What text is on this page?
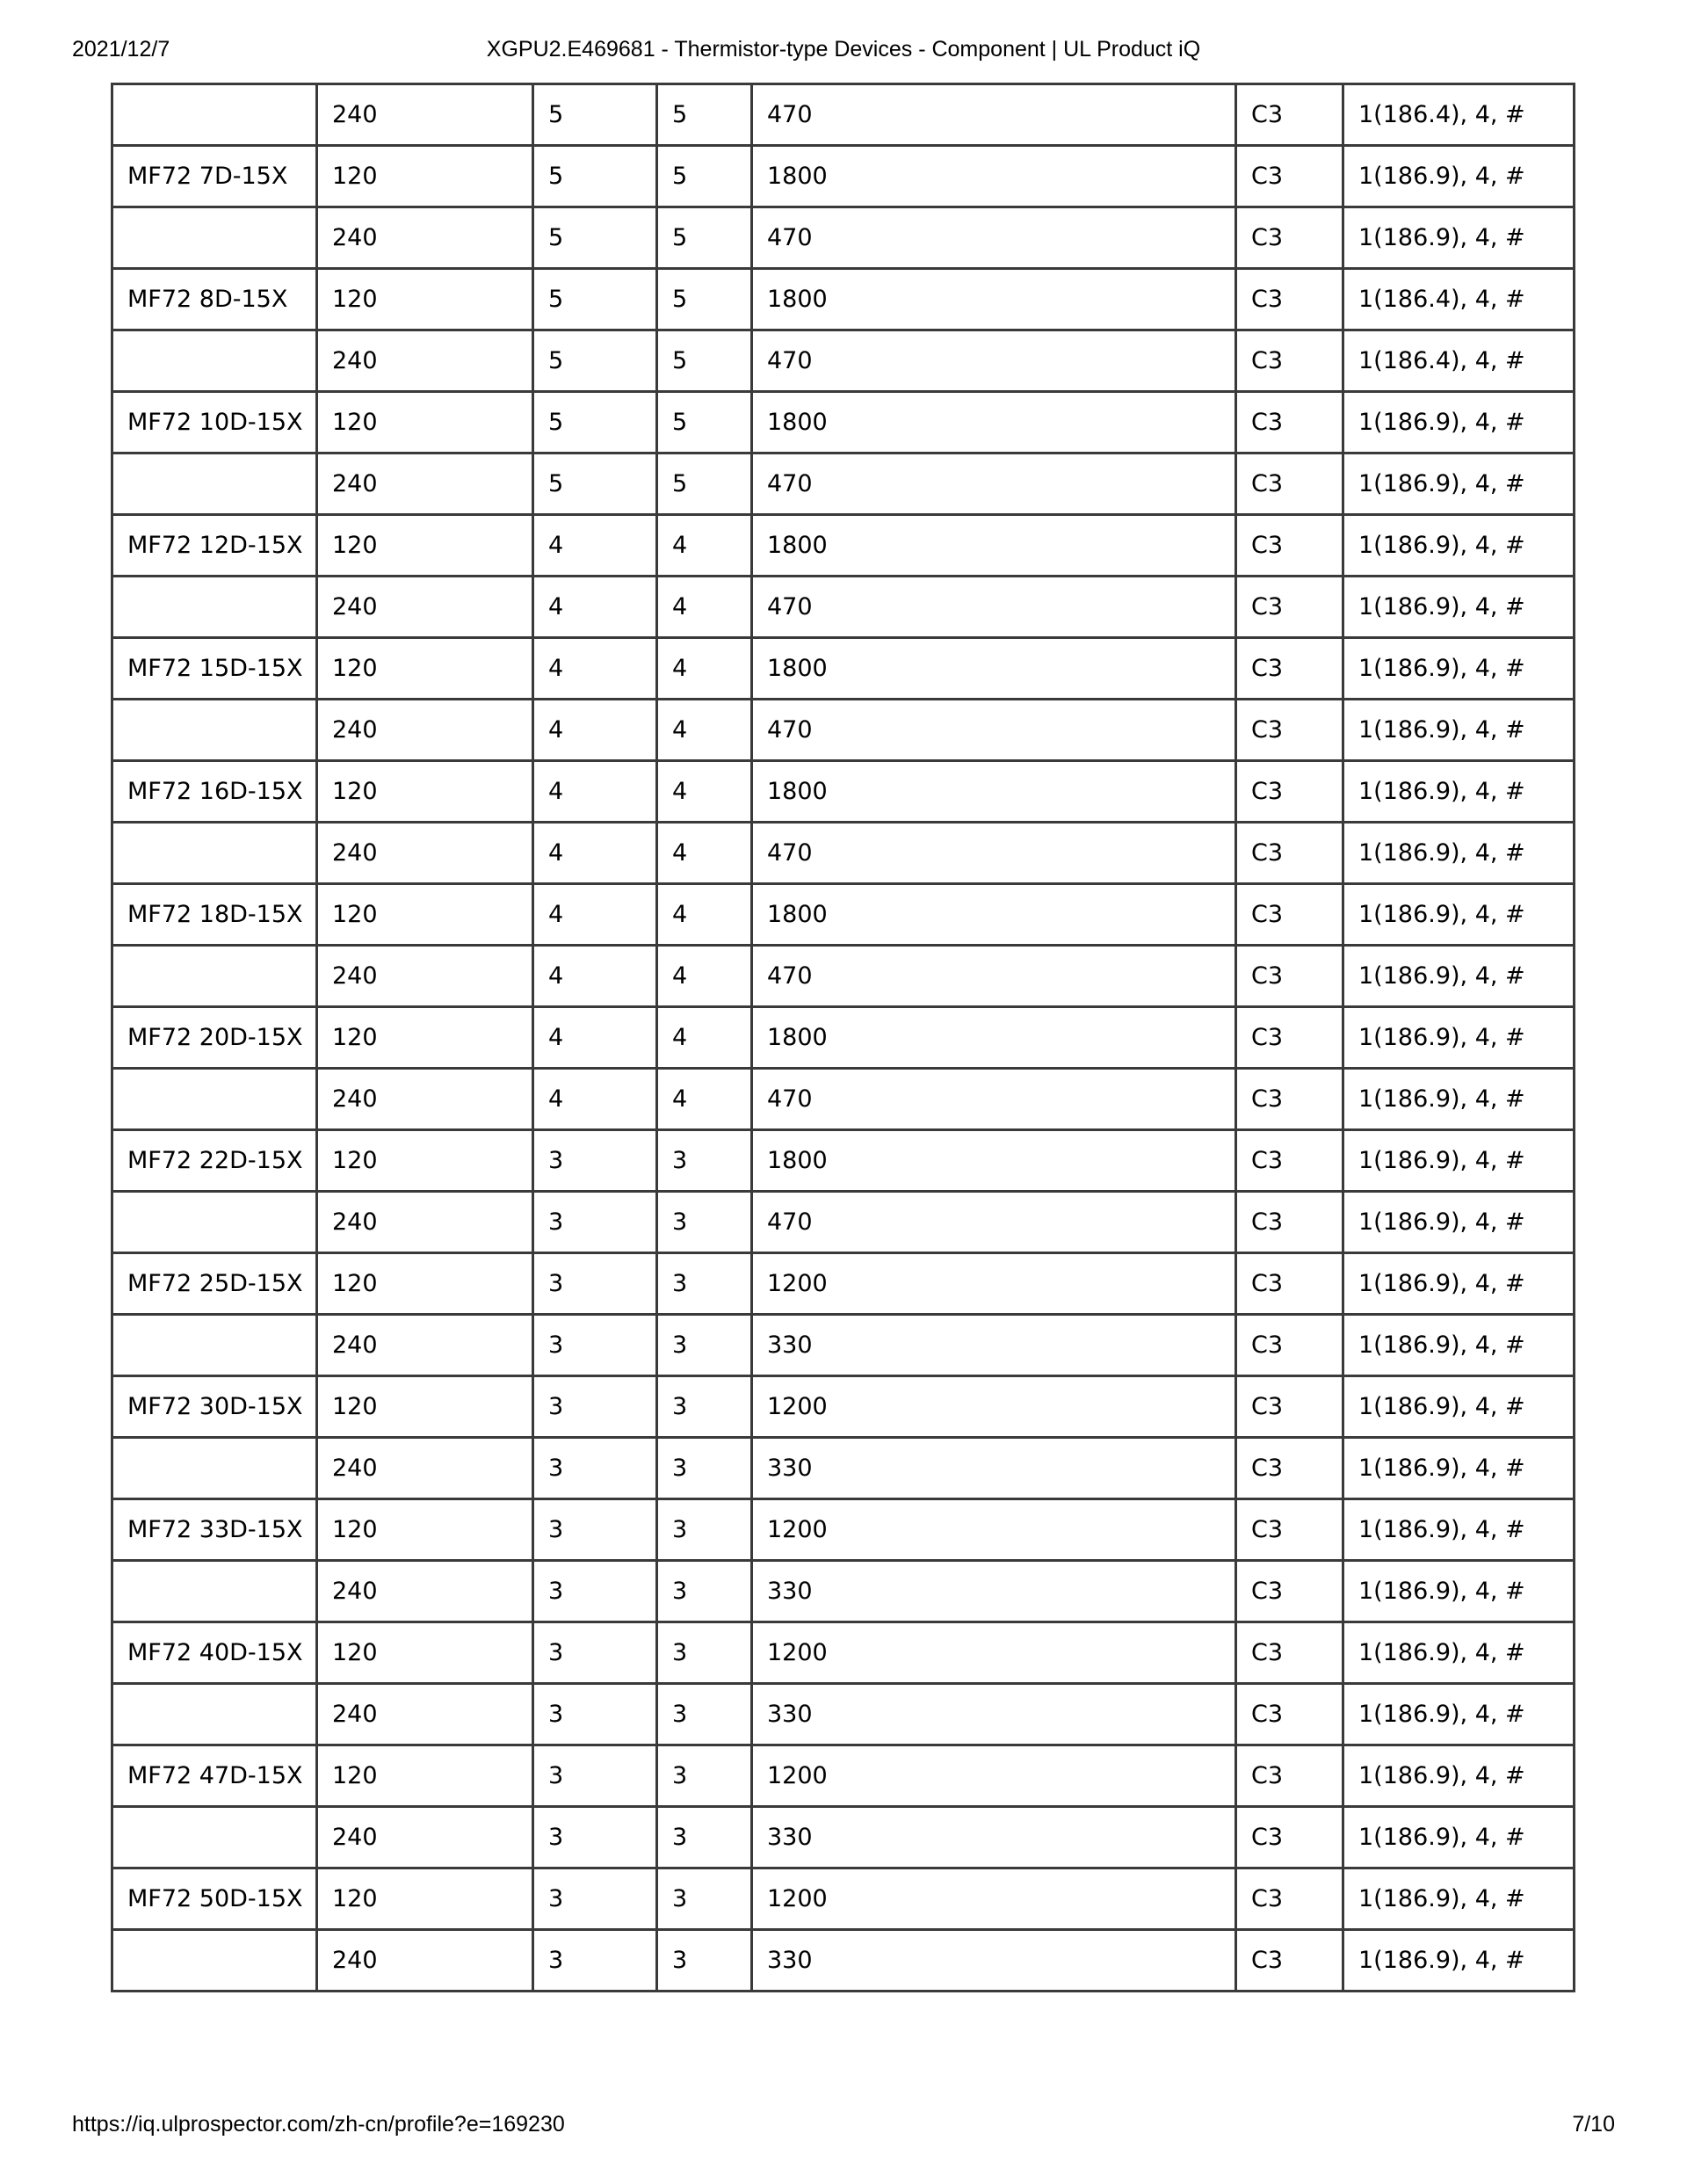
2021/12/7	XGPU2.E469681 - Thermistor-type Devices - Component | UL Product iQ
	240	5	5	470	C3	1(186.4), 4, #
MF72 7D-15X	120	5	5	1800	C3	1(186.9), 4, #
	240	5	5	470	C3	1(186.9), 4, #
MF72 8D-15X	120	5	5	1800	C3	1(186.4), 4, #
	240	5	5	470	C3	1(186.4), 4, #
MF72 10D-15X	120	5	5	1800	C3	1(186.9), 4, #
	240	5	5	470	C3	1(186.9), 4, #
MF72 12D-15X	120	4	4	1800	C3	1(186.9), 4, #
	240	4	4	470	C3	1(186.9), 4, #
MF72 15D-15X	120	4	4	1800	C3	1(186.9), 4, #
	240	4	4	470	C3	1(186.9), 4, #
MF72 16D-15X	120	4	4	1800	C3	1(186.9), 4, #
	240	4	4	470	C3	1(186.9), 4, #
MF72 18D-15X	120	4	4	1800	C3	1(186.9), 4, #
	240	4	4	470	C3	1(186.9), 4, #
MF72 20D-15X	120	4	4	1800	C3	1(186.9), 4, #
	240	4	4	470	C3	1(186.9), 4, #
MF72 22D-15X	120	3	3	1800	C3	1(186.9), 4, #
	240	3	3	470	C3	1(186.9), 4, #
MF72 25D-15X	120	3	3	1200	C3	1(186.9), 4, #
	240	3	3	330	C3	1(186.9), 4, #
MF72 30D-15X	120	3	3	1200	C3	1(186.9), 4, #
	240	3	3	330	C3	1(186.9), 4, #
MF72 33D-15X	120	3	3	1200	C3	1(186.9), 4, #
	240	3	3	330	C3	1(186.9), 4, #
MF72 40D-15X	120	3	3	1200	C3	1(186.9), 4, #
	240	3	3	330	C3	1(186.9), 4, #
MF72 47D-15X	120	3	3	1200	C3	1(186.9), 4, #
	240	3	3	330	C3	1(186.9), 4, #
MF72 50D-15X	120	3	3	1200	C3	1(186.9), 4, #
	240	3	3	330	C3	1(186.9), 4, #
https://iq.ulprospector.com/zh-cn/profile?e=169230	7/10
